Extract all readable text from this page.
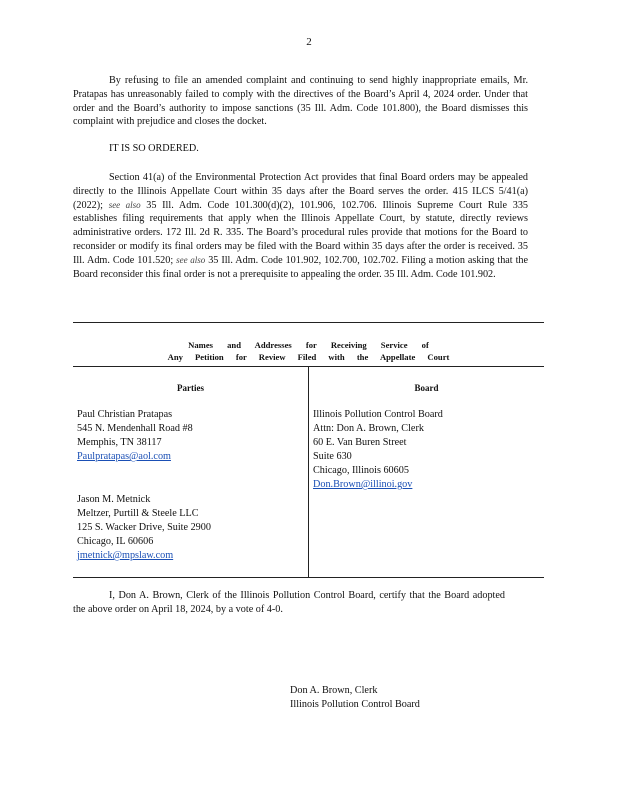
2

By refusing to file an amended complaint and continuing to send highly inappropriate emails, Mr. Pratapas has unreasonably failed to comply with the directives of the Board’s April 4, 2024 order. Under that order and the Board’s authority to impose sanctions (35 Ill. Adm. Code 101.800), the Board dismisses this complaint with prejudice and closes the docket.

IT IS SO ORDERED.

Section 41(a) of the Environmental Protection Act provides that final Board orders may be appealed directly to the Illinois Appellate Court within 35 days after the Board serves the order. 415 ILCS 5/41(a) (2022); see also 35 Ill. Adm. Code 101.300(d)(2), 101.906, 102.706. Illinois Supreme Court Rule 335 establishes filing requirements that apply when the Illinois Appellate Court, by statute, directly reviews administrative orders. 172 Ill. 2d R. 335. The Board’s procedural rules provide that motions for the Board to reconsider or modify its final orders may be filed with the Board within 35 days after the order is received. 35 Ill. Adm. Code 101.520; see also 35 Ill. Adm. Code 101.902, 102.700, 102.702. Filing a motion asking that the Board reconsider this final order is not a prerequisite to appealing the order. 35 Ill. Adm. Code 101.902.

Names and Addresses for Receiving Service of
Any Petition for Review Filed with the Appellate Court
Parties	Board
Paul Christian Pratapas
545 N. Mendenhall Road #8
Memphis, TN 38117
Paulpratapas@aol.com
Jason M. Metnick
Meltzer, Purtill & Steele LLC
125 S. Wacker Drive, Suite 2900
Chicago, IL 60606
jmetnick@mpslaw.com
Illinois Pollution Control Board
Attn: Don A. Brown, Clerk
60 E. Van Buren Street
Suite 630
Chicago, Illinois 60605
Don.Brown@illinoi.gov

I, Don A. Brown, Clerk of the Illinois Pollution Control Board, certify that the Board adopted the above order on April 18, 2024, by a vote of 4-0.

Don A. Brown, Clerk
Illinois Pollution Control Board
